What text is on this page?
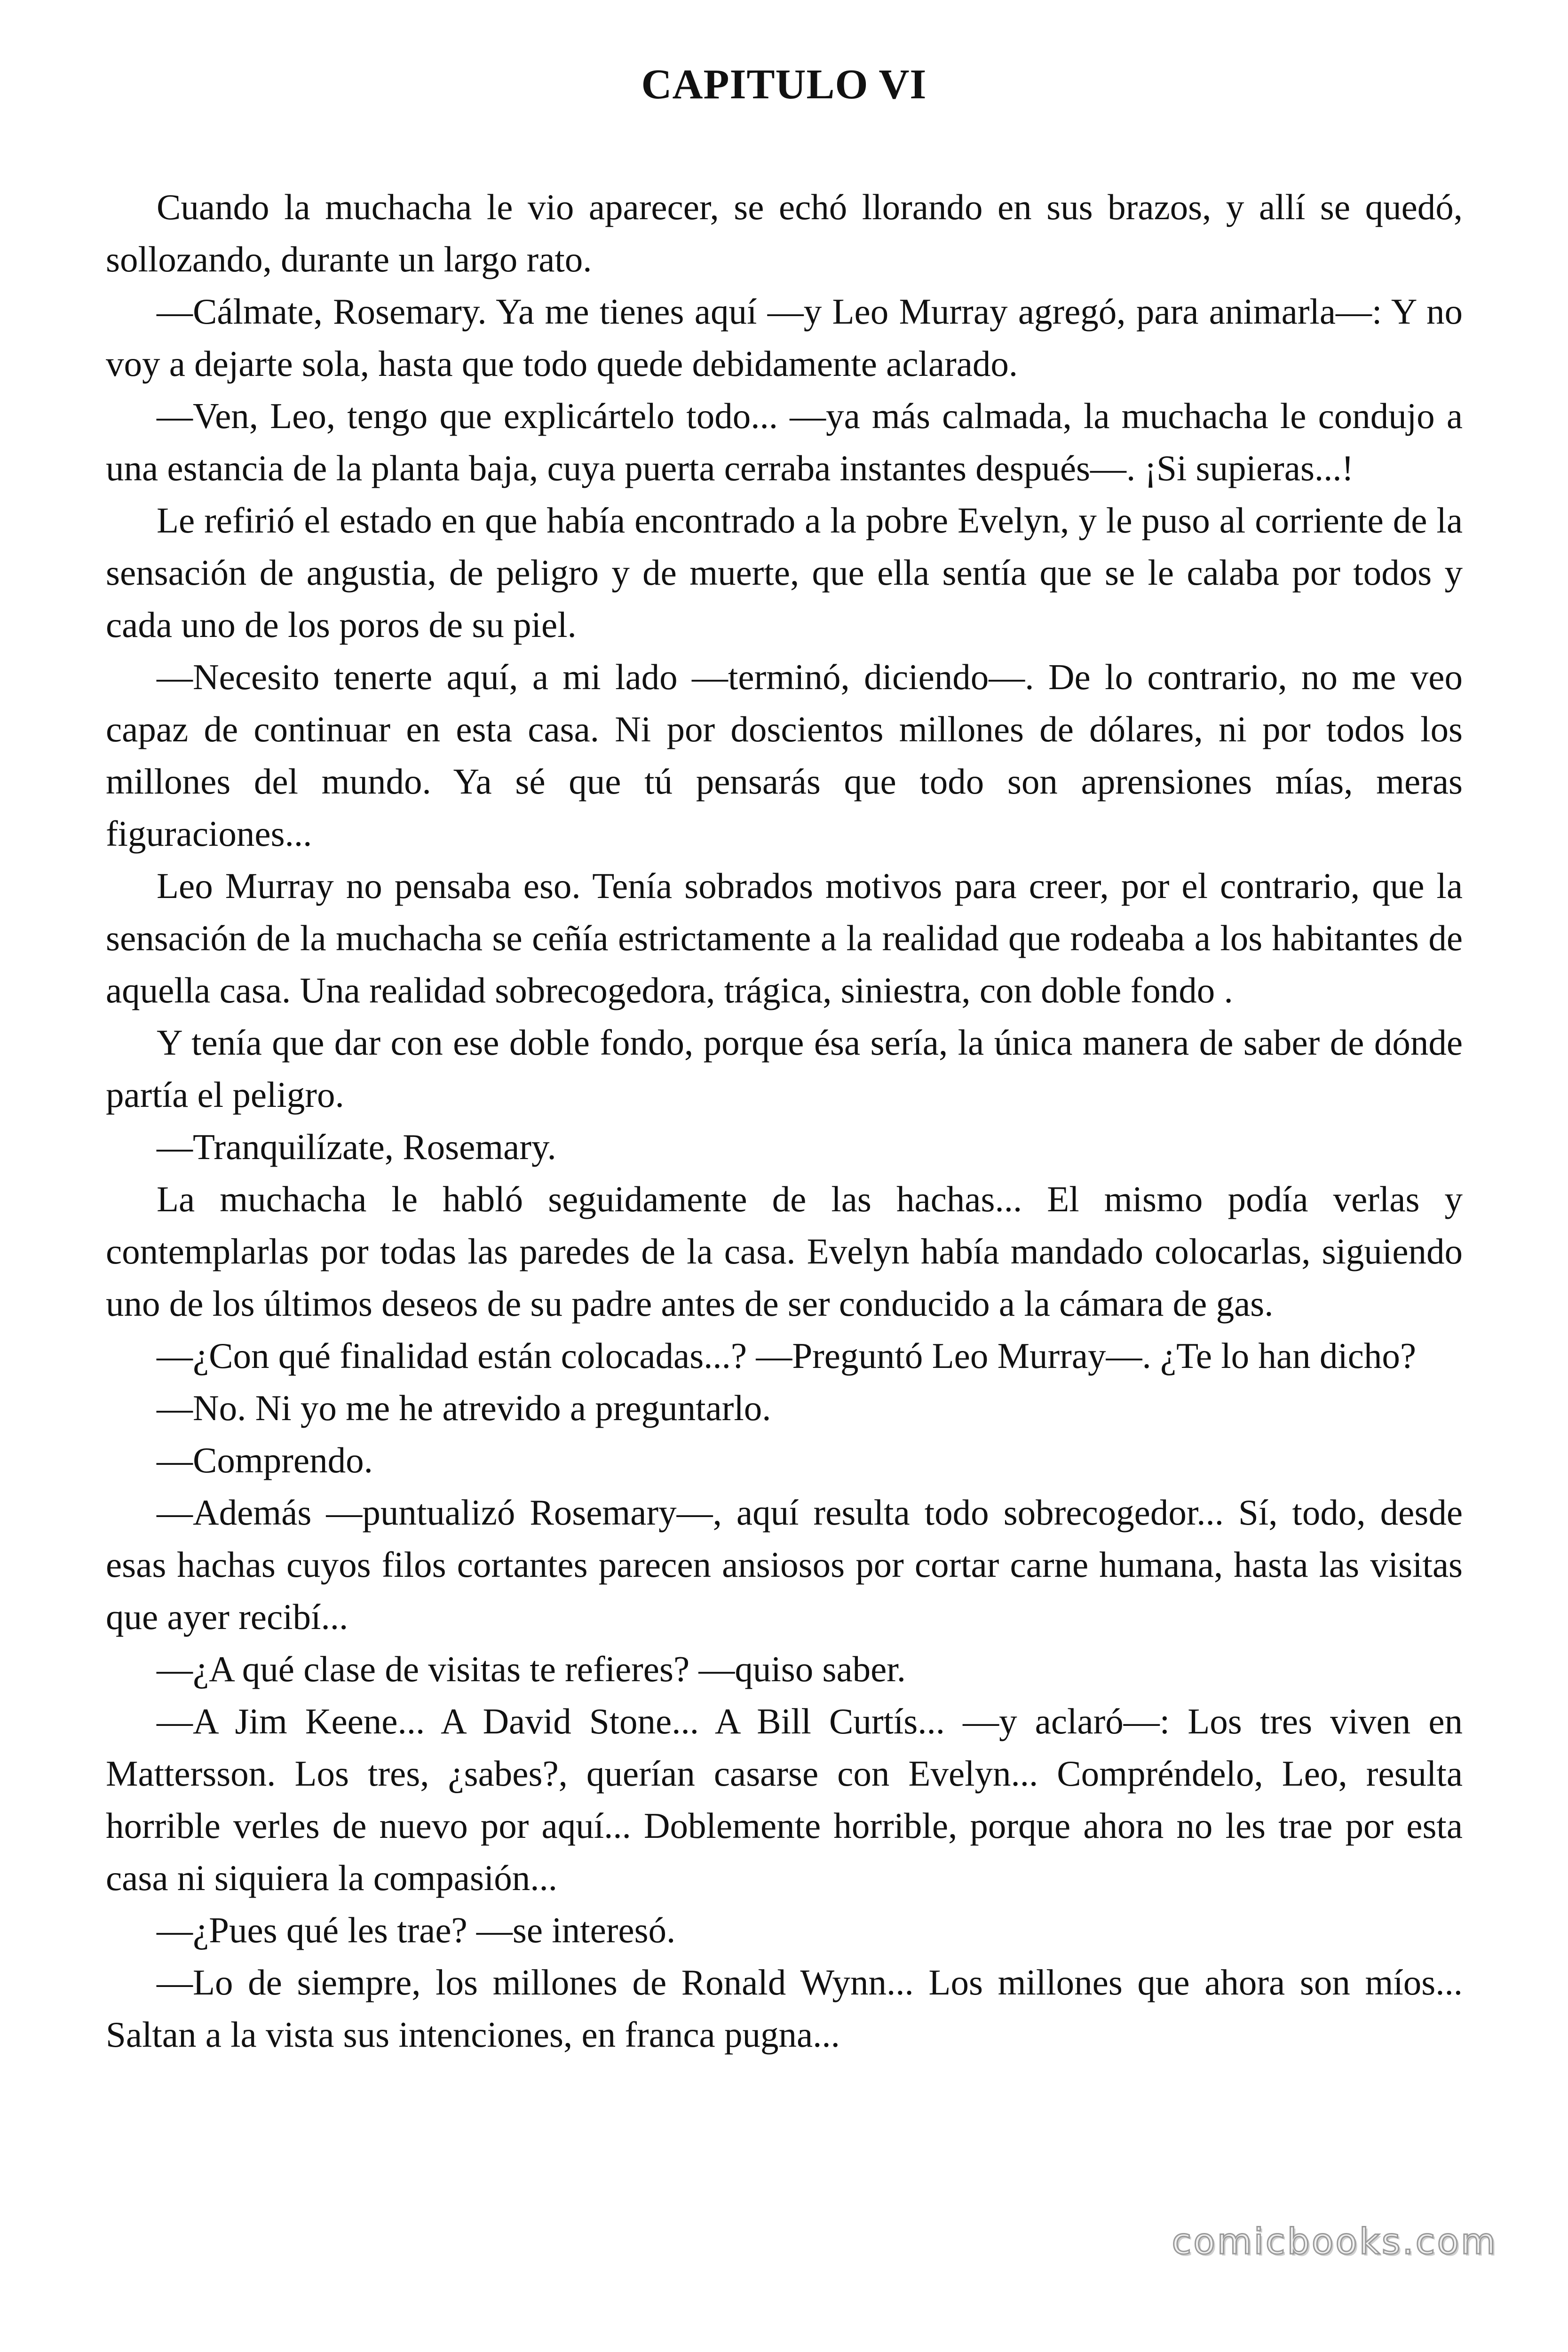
CAPITULO VI

Cuando la muchacha le vio aparecer, se echó llorando en sus brazos, y allí se quedó, sollozando, durante un largo rato.

—Cálmate, Rosemary. Ya me tienes aquí —y Leo Murray agregó, para animarla—: Y no voy a dejarte sola, hasta que todo quede debidamente aclarado.

—Ven, Leo, tengo que explicártelo todo... —ya más calmada, la muchacha le condujo a una estancia de la planta baja, cuya puerta cerraba instantes después—. ¡Si supieras...!

Le refirió el estado en que había encontrado a la pobre Evelyn, y le puso al corriente de la sensación de angustia, de peligro y de muerte, que ella sentía que se le calaba por todos y cada uno de los poros de su piel.

—Necesito tenerte aquí, a mi lado —terminó, diciendo—. De lo contrario, no me veo capaz de continuar en esta casa. Ni por doscientos millones de dólares, ni por todos los millones del mundo. Ya sé que tú pensarás que todo son aprensiones mías, meras figuraciones...

Leo Murray no pensaba eso. Tenía sobrados motivos para creer, por el contrario, que la sensación de la muchacha se ceñía estrictamente a la realidad que rodeaba a los habitantes de aquella casa. Una realidad sobrecogedora, trágica, siniestra, con doble fondo .

Y tenía que dar con ese doble fondo, porque ésa sería, la única manera de saber de dónde partía el peligro.

—Tranquilízate, Rosemary.

La muchacha le habló seguidamente de las hachas... El mismo podía verlas y contemplarlas por todas las paredes de la casa. Evelyn había mandado colocarlas, siguiendo uno de los últimos deseos de su padre antes de ser conducido a la cámara de gas.

—¿Con qué finalidad están colocadas...? —Preguntó Leo Murray—. ¿Te lo han dicho?

—No. Ni yo me he atrevido a preguntarlo.

—Comprendo.

—Además —puntualizó Rosemary—, aquí resulta todo sobrecogedor... Sí, todo, desde esas hachas cuyos filos cortantes parecen ansiosos por cortar carne humana, hasta las visitas que ayer recibí...

—¿A qué clase de visitas te refieres? —quiso saber.

—A Jim Keene... A David Stone... A Bill Curtís... —y aclaró—: Los tres viven en Mattersson. Los tres, ¿sabes?, querían casarse con Evelyn... Compréndelo, Leo, resulta horrible verles de nuevo por aquí... Doblemente horrible, porque ahora no les trae por esta casa ni siquiera la compasión...

—¿Pues qué les trae? —se interesó.

—Lo de siempre, los millones de Ronald Wynn... Los millones que ahora son míos... Saltan a la vista sus intenciones, en franca pugna...

comicbooks.com
